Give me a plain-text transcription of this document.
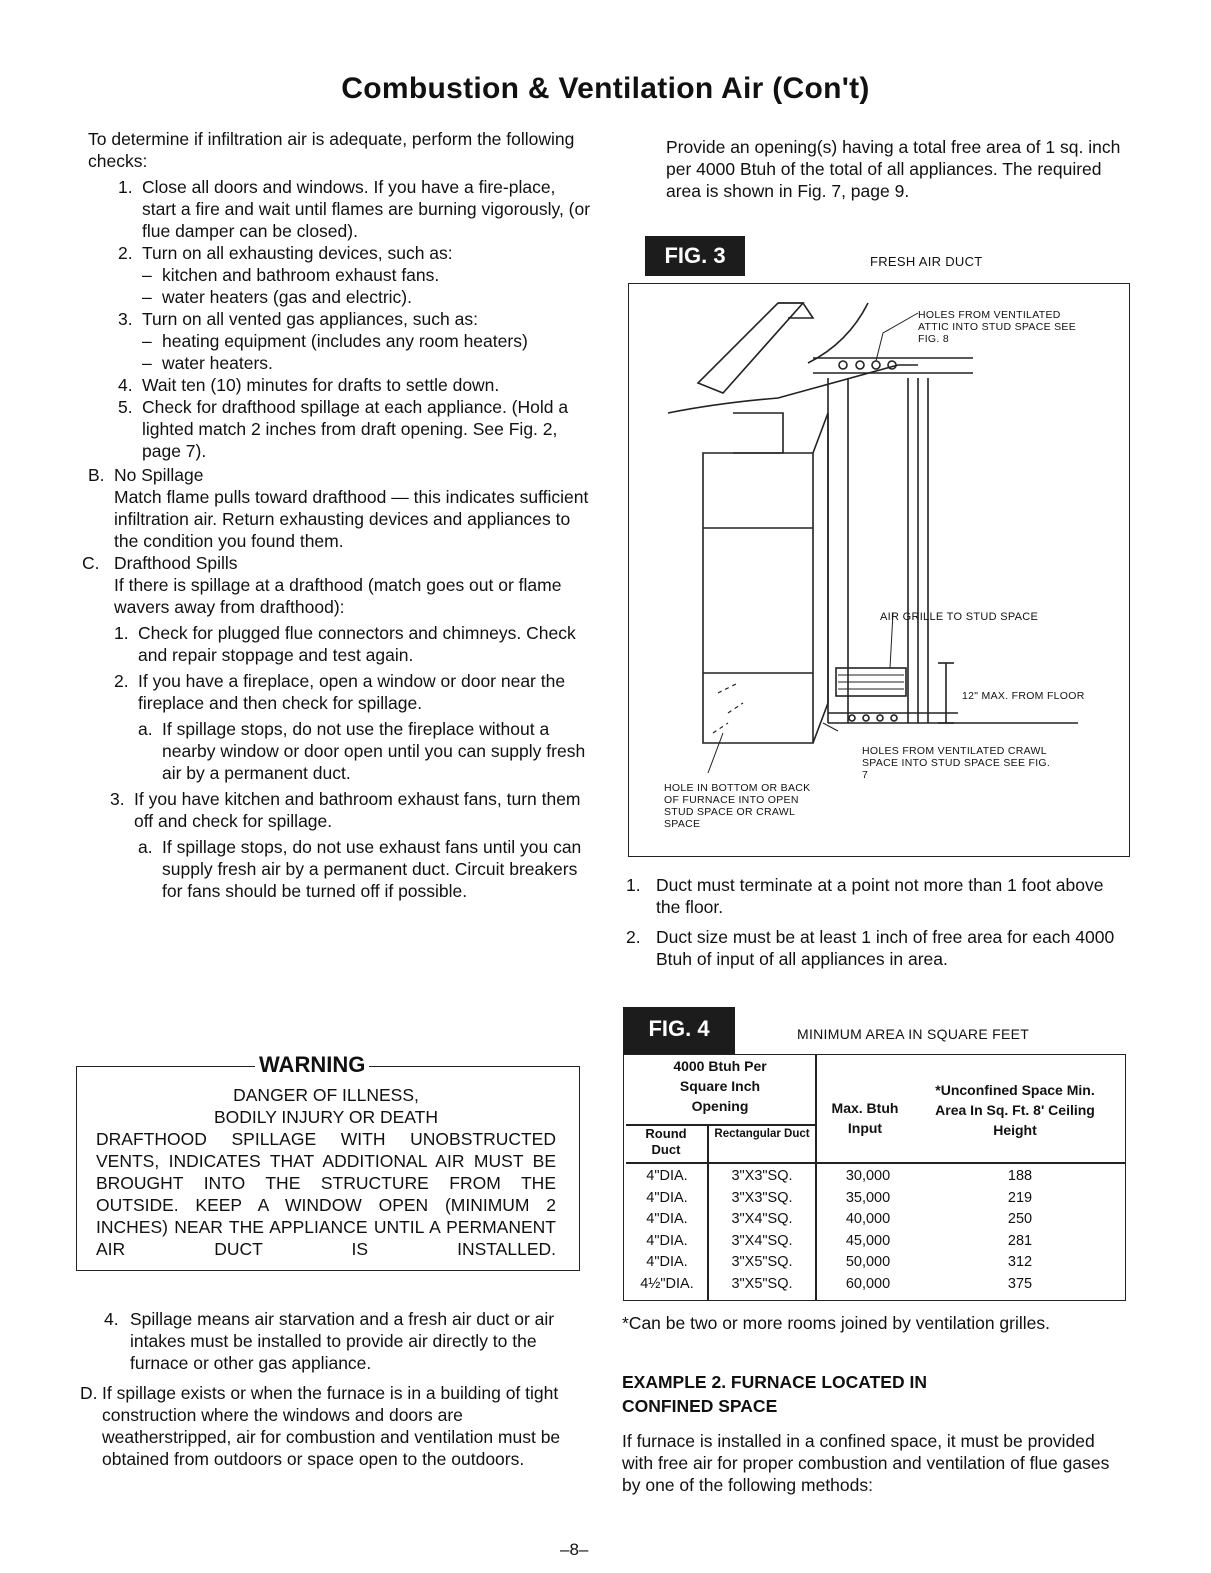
Combustion & Ventilation Air (Con't)

To determine if infiltration air is adequate, perform the following checks:

1. Close all doors and windows. If you have a fire-place, start a fire and wait until flames are burning vigorously, (or flue damper can be closed).
2. Turn on all exhausting devices, such as:
– kitchen and bathroom exhaust fans.
– water heaters (gas and electric).
3. Turn on all vented gas appliances, such as:
– heating equipment (includes any room heaters)
– water heaters.
4. Wait ten (10) minutes for drafts to settle down.
5. Check for drafthood spillage at each appliance. (Hold a lighted match 2 inches from draft opening. See Fig. 2, page 7).
B. No Spillage

Match flame pulls toward drafthood — this indicates sufficient infiltration air. Return exhausting devices and appliances to the condition you found them.

C. Drafthood Spills

If there is spillage at a drafthood (match goes out or flame wavers away from drafthood):

1. Check for plugged flue connectors and chimneys. Check and repair stoppage and test again.
2. If you have a fireplace, open a window or door near the fireplace and then check for spillage.
a. If spillage stops, do not use the fireplace without a nearby window or door open until you can supply fresh air by a permanent duct.
3. If you have kitchen and bathroom exhaust fans, turn them off and check for spillage.
a. If spillage stops, do not use exhaust fans until you can supply fresh air by a permanent duct. Circuit breakers for fans should be turned off if possible.
WARNING
DANGER OF ILLNESS,
BODILY INJURY OR DEATH
DRAFTHOOD SPILLAGE WITH UNOBSTRUCTED VENTS, INDICATES THAT ADDITIONAL AIR MUST BE BROUGHT INTO THE STRUCTURE FROM THE OUTSIDE. KEEP A WINDOW OPEN (MINIMUM 2 INCHES) NEAR THE APPLIANCE UNTIL A PERMANENT AIR DUCT IS INSTALLED.
4. Spillage means air starvation and a fresh air duct or air intakes must be installed to provide air directly to the furnace or other gas appliance.
D. If spillage exists or when the furnace is in a building of tight construction where the windows and doors are weatherstripped, air for combustion and ventilation must be obtained from outdoors or space open to the outdoors.
Provide an opening(s) having a total free area of 1 sq. inch per 4000 Btuh of the total of all appliances. The required area is shown in Fig. 7, page 9.
FIG. 3	FRESH AIR DUCT
HOLES FROM VENTILATED ATTIC INTO STUD SPACE SEE FIG. 8
AIR GRILLE TO STUD SPACE
12" MAX. FROM FLOOR
HOLES FROM VENTILATED CRAWL SPACE INTO STUD SPACE SEE FIG. 7
HOLE IN BOTTOM OR BACK OF FURNACE INTO OPEN STUD SPACE OR CRAWL SPACE
1. Duct must terminate at a point not more than 1 foot above the floor.
2. Duct size must be at least 1 inch of free area for each 4000 Btuh of input of all appliances in area.
FIG. 4	MINIMUM AREA IN SQUARE FEET
4000 Btuh Per Square Inch Opening
Round Duct
Rectangular Duct
Max. Btuh Input
*Unconfined Space Min. Area In Sq. Ft. 8' Ceiling Height
4"DIA.	3"X3"SQ.	30,000	188
4"DIA.	3"X3"SQ.	35,000	219
4"DIA.	3"X4"SQ.	40,000	250
4"DIA.	3"X4"SQ.	45,000	281
4"DIA.	3"X5"SQ.	50,000	312
4½"DIA.	3"X5"SQ.	60,000	375
*Can be two or more rooms joined by ventilation grilles.
EXAMPLE 2. FURNACE LOCATED IN CONFINED SPACE
If furnace is installed in a confined space, it must be provided with free air for proper combustion and ventilation of flue gases by one of the following methods:
–8–
